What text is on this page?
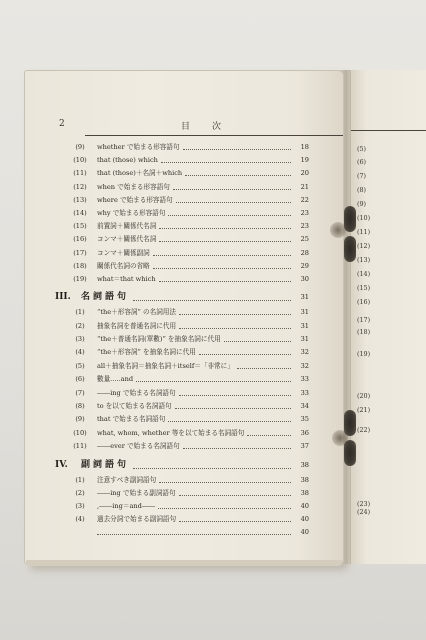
(5)
(6)
(7)
(8)
(9)
(10)
(11)
(12)
(13)
(14)
(15)
(16)
(17)
(18)
(19)
(20)
(21)
(22)
(23)
(24)
2	目次
(9)	whether で始まる形容語句	18
(10)	that (those) which	19
(11)	that (those)＋名詞＋which	20
(12)	when で始まる形容語句	21
(13)	where で始まる形容語句	22
(14)	why で始まる形容語句	23
(15)	前置詞＋關係代名詞	23
(16)	コンマ＋關係代名詞	25
(17)	コンマ＋關係副詞	28
(18)	關係代名詞の省略	29
(19)	what＝that which	30
III. 名詞語句	31
(1)	“the＋形容詞” の名詞用法	31
(2)	抽象名詞を普通名詞に代用	31
(3)	“the＋普通名詞(單數)” を抽象名詞に代用	31
(4)	“the＋形容詞” を抽象名詞に代用	32
(5)	all＋抽象名詞＝抽象名詞＋itself＝「非常に」	32
(6)	數量.....and	33
(7)	――ing で始まる名詞語句	33
(8)	to を以て始まる名詞語句	34
(9)	that で始まる名詞語句	35
(10)	what, whom, whether 等を以て始まる名詞語句	36
(11)	――ever で始まる名詞語句	37
IV. 副詞語句	38
(1)	注意すべき副詞語句	38
(2)	――ing で始まる副詞語句	38
(3)	,――ing＝and――	40
(4)	過去分詞で始まる副詞語句	40
40
